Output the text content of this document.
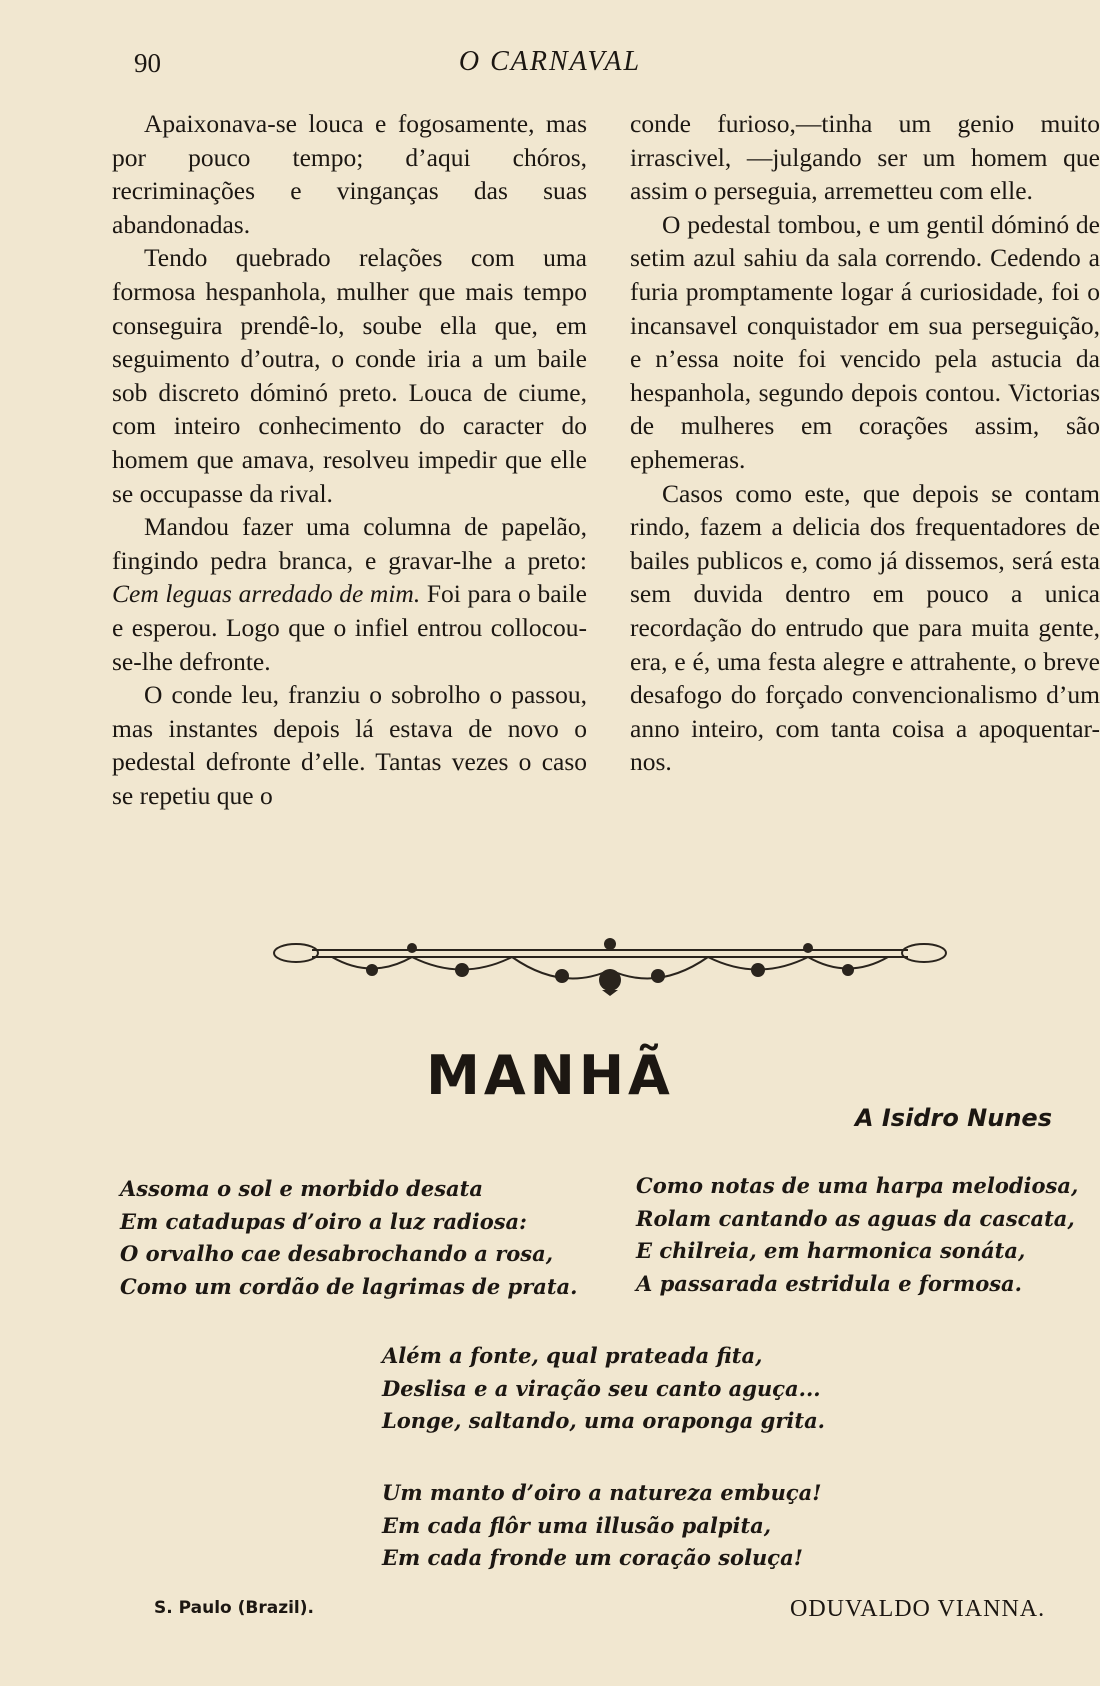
90	O CARNAVAL

Apaixonava-se louca e fogosamente, mas por pouco tempo; d’aqui chóros, recriminações e vinganças das suas abandonadas.

Tendo quebrado relações com uma formosa hespanhola, mulher que mais tempo conseguira prendê-lo, soube ella que, em seguimento d’outra, o conde iria a um baile sob discreto dóminó preto. Louca de ciume, com inteiro conhecimento do caracter do homem que amava, resolveu impedir que elle se occupasse da rival.

Mandou fazer uma columna de papelão, fingindo pedra branca, e gravar-lhe a preto: Cem leguas arredado de mim. Foi para o baile e esperou. Logo que o infiel entrou collocou-se-lhe defronte.

O conde leu, franziu o sobrolho o passou, mas instantes depois lá estava de novo o pedestal defronte d’elle. Tantas vezes o caso se repetiu que o

conde furioso,—tinha um genio muito irrascivel, —julgando ser um homem que assim o perseguia, arremetteu com elle.

O pedestal tombou, e um gentil dóminó de setim azul sahiu da sala correndo. Cedendo a furia promptamente logar á curiosidade, foi o incansavel conquistador em sua perseguição, e n’essa noite foi vencido pela astucia da hespanhola, segundo depois contou. Victorias de mulheres em corações assim, são ephemeras.

Casos como este, que depois se contam rindo, fazem a delicia dos frequentadores de bailes publicos e, como já dissemos, será esta sem duvida dentro em pouco a unica recordação do entrudo que para muita gente, era, e é, uma festa alegre e attrahente, o breve desafogo do forçado convencionalismo d’um anno inteiro, com tanta coisa a apoquentar-nos.

MANHÃ
A Isidro Nunes
Assoma o sol e morbido desata
Em catadupas d’oiro a luz radiosa:
O orvalho cae desabrochando a rosa,
Como um cordão de lagrimas de prata.
Como notas de uma harpa melodiosa,
Rolam cantando as aguas da cascata,
E chilreia, em harmonica sonáta,
A passarada estridula e formosa.
Além a fonte, qual prateada fita,
Deslisa e a viração seu canto aguça...
Longe, saltando, uma oraponga grita.
Um manto d’oiro a natureza embuça!
Em cada flôr uma illusão palpita,
Em cada fronde um coração soluça!
S. Paulo (Brazil).	ODUVALDO VIANNA.
